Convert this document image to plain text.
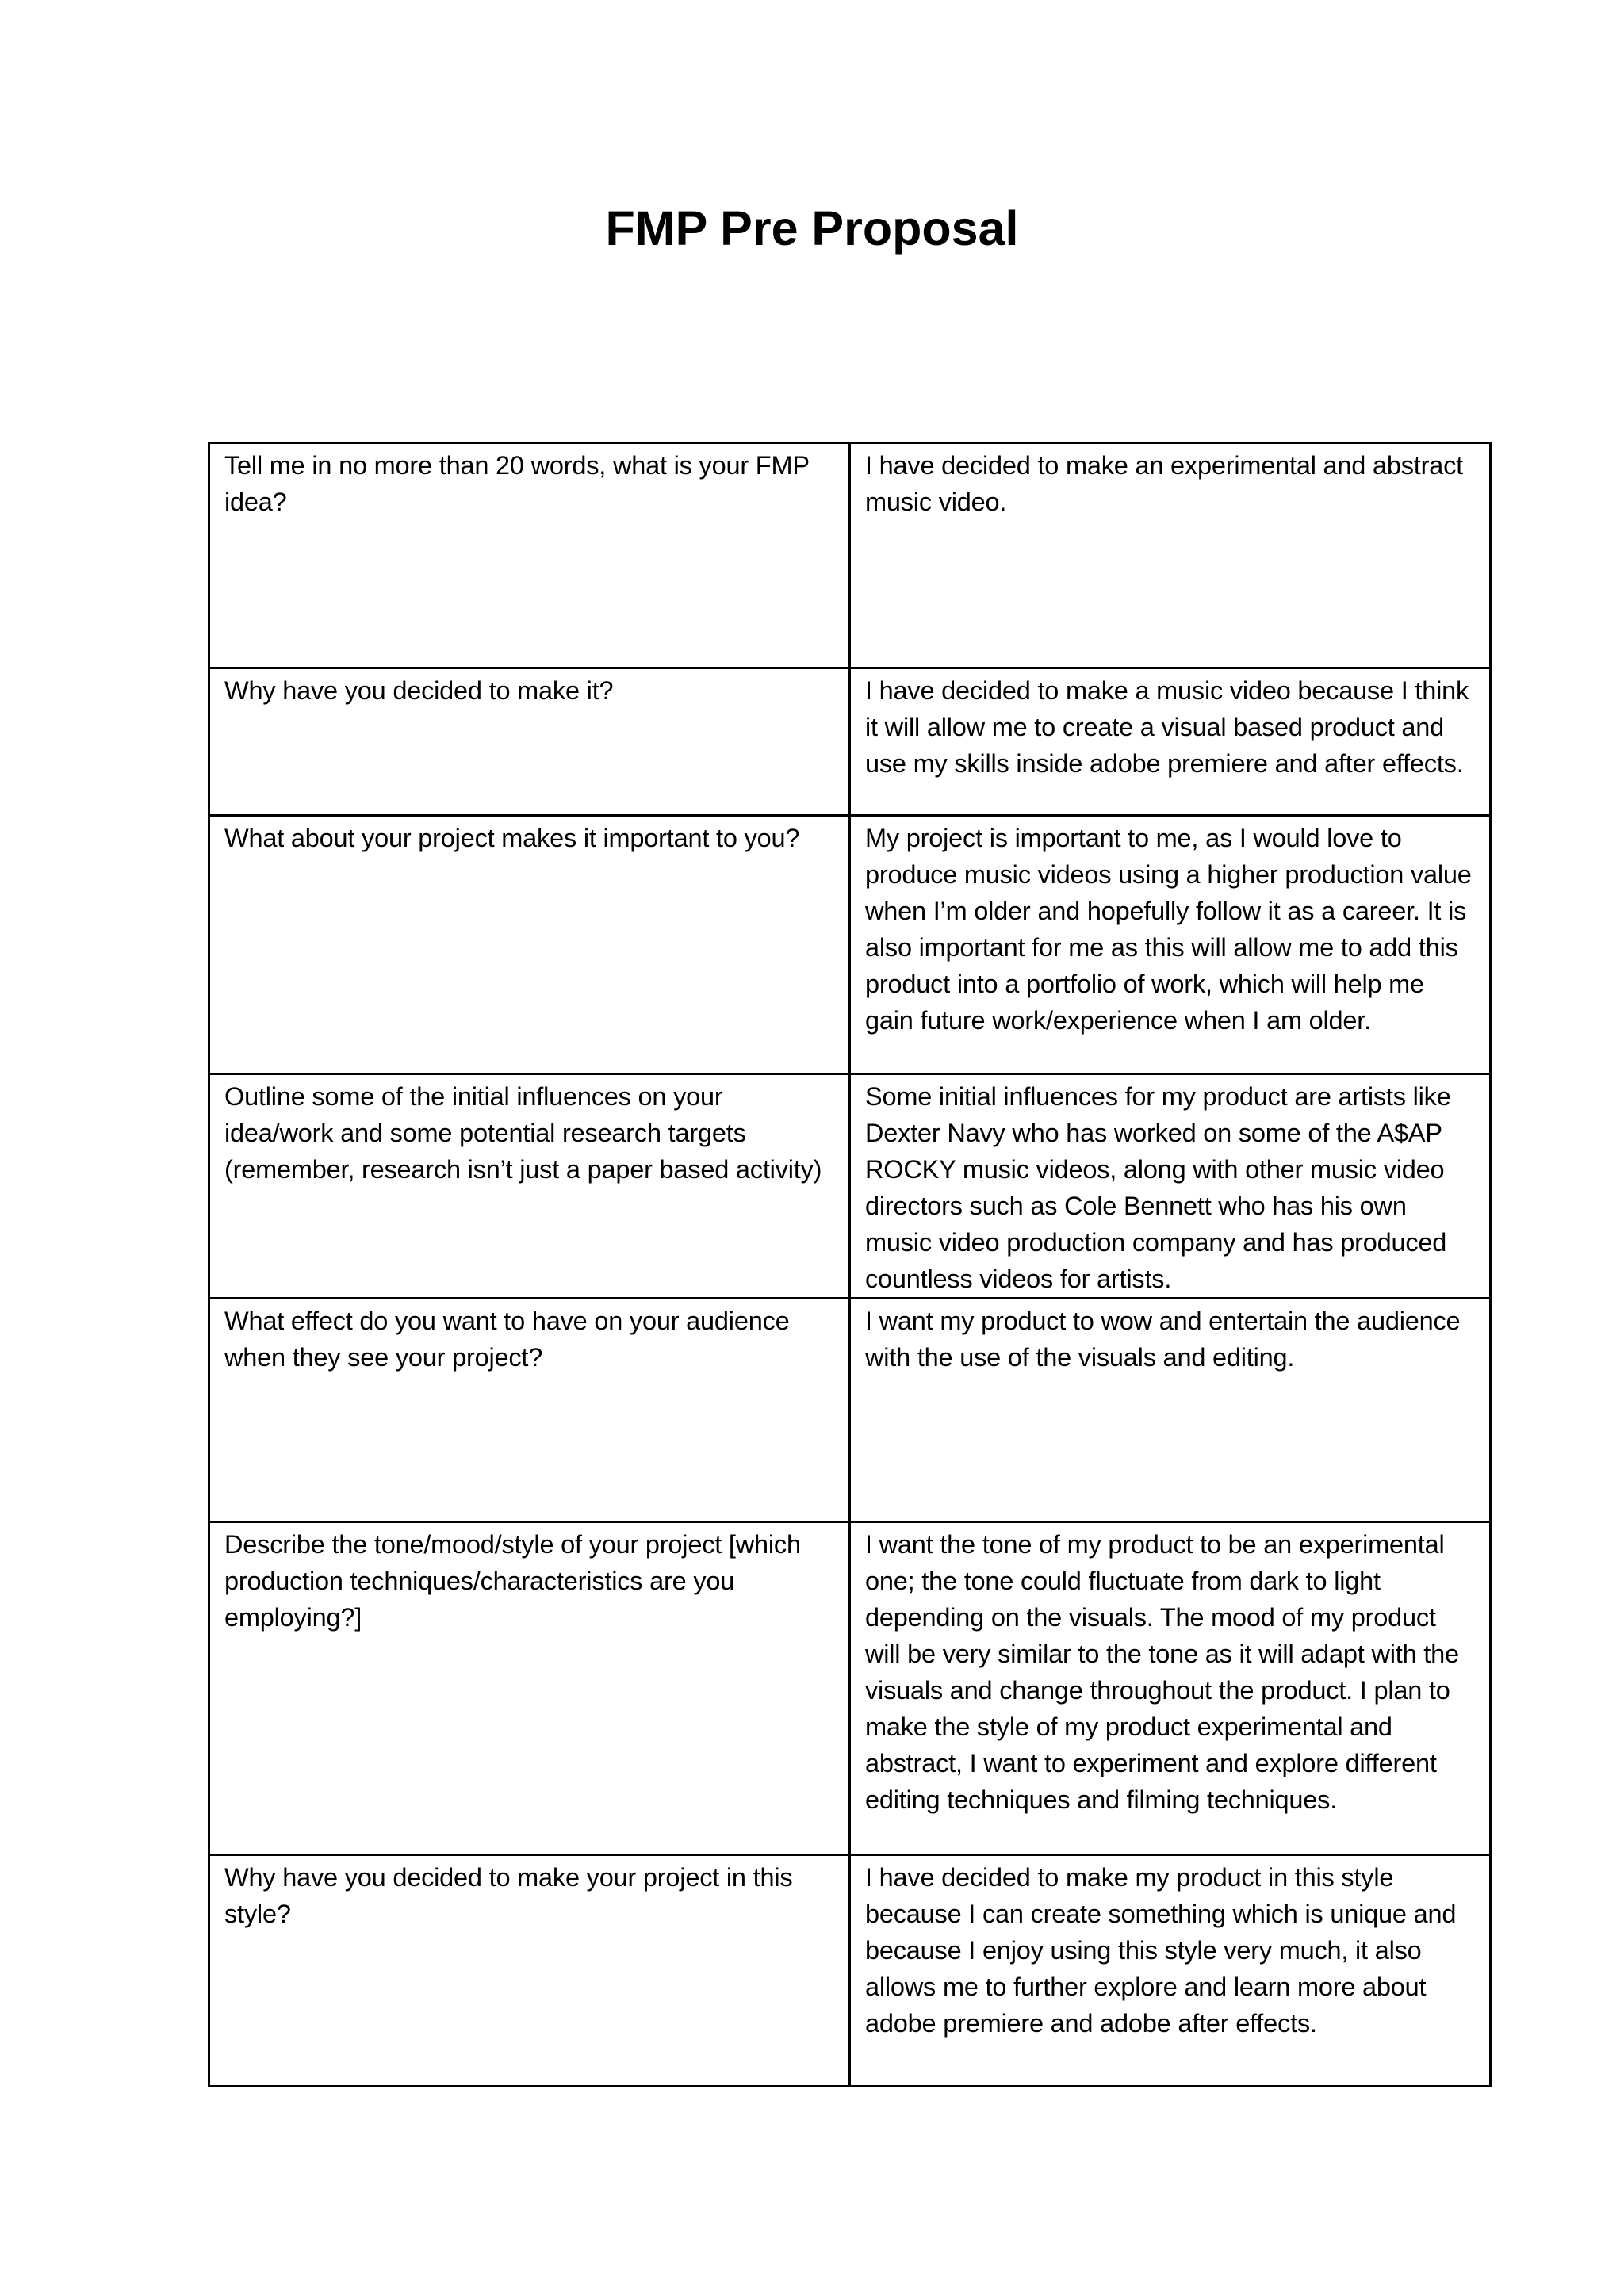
FMP Pre Proposal
Tell me in no more than 20 words, what is your FMP idea?	I have decided to make an experimental and abstract music video.
Why have you decided to make it?	I have decided to make a music video because I think it will allow me to create a visual based product and use my skills inside adobe premiere and after effects.
What about your project makes it important to you?	My project is important to me, as I would love to produce music videos using a higher production value when I’m older and hopefully follow it as a career. It is also important for me as this will allow me to add this product into a portfolio of work, which will help me gain future work/experience when I am older.
Outline some of the initial influences on your idea/work and some potential research targets (remember, research isn’t just a paper based activity)	Some initial influences for my product are artists like Dexter Navy who has worked on some of the A$AP ROCKY music videos, along with other music video directors such as Cole Bennett who has his own music video production company and has produced countless videos for artists.
What effect do you want to have on your audience when they see your project?	I want my product to wow and entertain the audience with the use of the visuals and editing.
Describe the tone/mood/style of your project [which production techniques/characteristics are you employing?]	I want the tone of my product to be an experimental one; the tone could fluctuate from dark to light depending on the visuals. The mood of my product will be very similar to the tone as it will adapt with the visuals and change throughout the product. I plan to make the style of my product experimental and abstract, I want to experiment and explore different editing techniques and filming techniques.
Why have you decided to make your project in this style?	I have decided to make my product in this style because I can create something which is unique and because I enjoy using this style very much, it also allows me to further explore and learn more about adobe premiere and adobe after effects.
